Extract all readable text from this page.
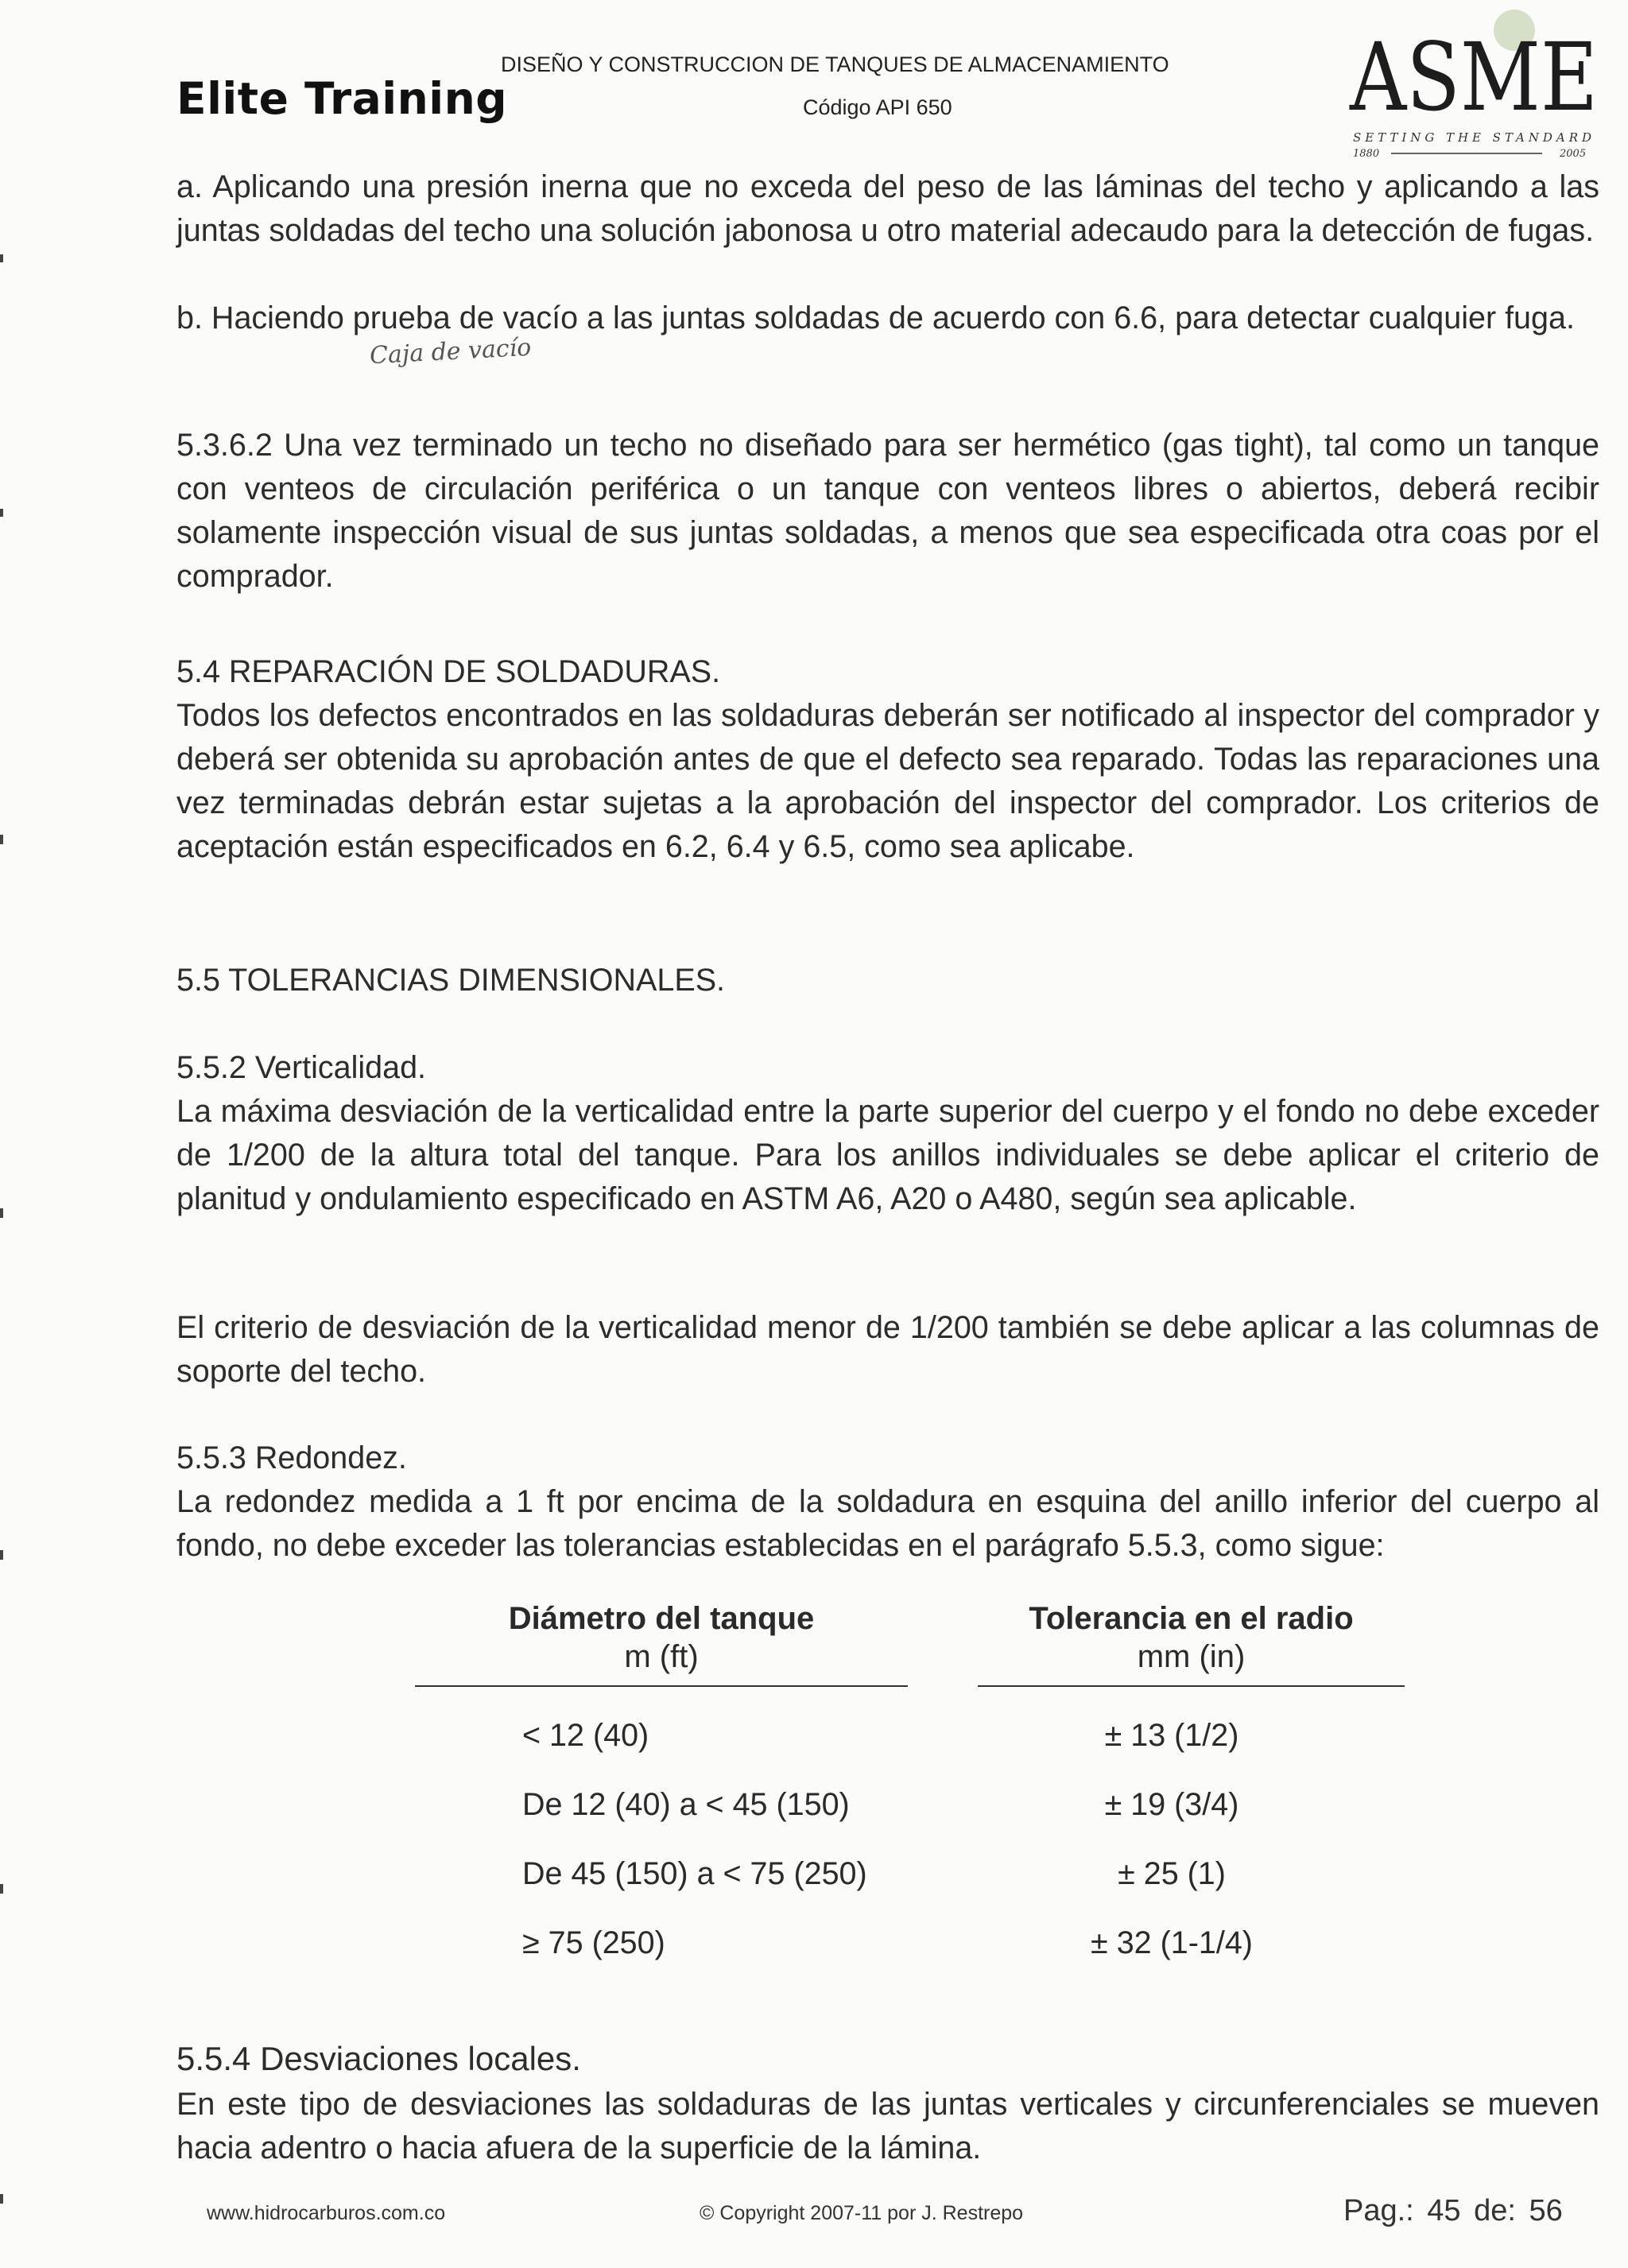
Elite Training
DISEÑO Y CONSTRUCCION DE TANQUES DE ALMACENAMIENTO
Código API 650	ASME
SETTING THE STANDARD
1880	2005

a. Aplicando una presión inerna que no exceda del peso de las láminas del techo y aplicando a las juntas soldadas del techo una solución jabonosa u otro material adecaudo para la detección de fugas.

b. Haciendo prueba de vacío a las juntas soldadas de acuerdo con 6.6, para detectar cualquier fuga.

Caja de vacío

5.3.6.2 Una vez terminado un techo no diseñado para ser hermético (gas tight), tal como un tanque con venteos de circulación periférica o un tanque con venteos libres o abiertos, deberá recibir solamente inspección visual de sus juntas soldadas, a menos que sea especificada otra coas por el comprador.

5.4 REPARACIÓN DE SOLDADURAS.

Todos los defectos encontrados en las soldaduras deberán ser notificado al inspector del comprador y deberá ser obtenida su aprobación antes de que el defecto sea reparado. Todas las reparaciones una vez terminadas debrán estar sujetas a la aprobación del inspector del comprador. Los criterios de aceptación están especificados en 6.2, 6.4 y 6.5, como sea aplicabe.

5.5 TOLERANCIAS DIMENSIONALES.

5.5.2 Verticalidad.

La máxima desviación de la verticalidad entre la parte superior del cuerpo y el fondo no debe exceder de 1/200 de la altura total del tanque. Para los anillos individuales se debe aplicar el criterio de planitud y ondulamiento especificado en ASTM A6, A20 o A480, según sea aplicable.

El criterio de desviación de la verticalidad menor de 1/200 también se debe aplicar a las columnas de soporte del techo.

5.5.3 Redondez.

La redondez medida a 1 ft por encima de la soldadura en esquina del anillo inferior del cuerpo al fondo, no debe exceder las tolerancias establecidas en el parágrafo 5.5.3, como sigue:

Diámetro del tanque		Tolerancia en el radio
m (ft)		mm (in)

< 12 (40)		± 13 (1/2)
De 12 (40) a < 45 (150)		± 19 (3/4)
De 45 (150) a < 75 (250)		± 25 (1)
≥ 75 (250)		± 32 (1-1/4)

5.5.4 Desviaciones locales.

En este tipo de desviaciones las soldaduras de las juntas verticales y circunferenciales se mueven hacia adentro o hacia afuera de la superficie de la lámina.

www.hidrocarburos.com.co	© Copyright 2007-11 por J. Restrepo	Pag.: 45 de: 56
